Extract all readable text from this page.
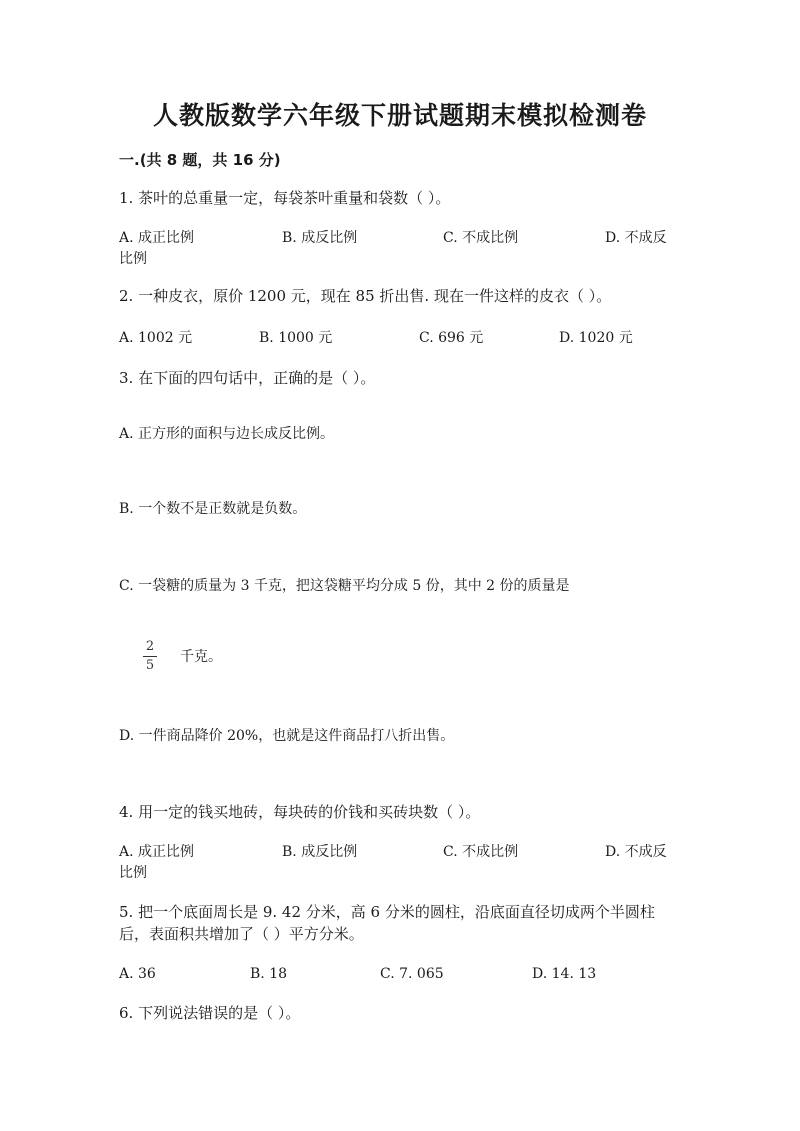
人教版数学六年级下册试题期末模拟检测卷
一.(共 8 题，共 16 分)
1. 茶叶的总重量一定，每袋茶叶重量和袋数（ ）。
A. 成正比例	B. 成反比例	C. 不成比例	D. 不成反
比例
2. 一种皮衣，原价 1200 元，现在 85 折出售. 现在一件这样的皮衣（ ）。
A. 1002 元	B. 1000 元	C. 696 元	D. 1020 元
3. 在下面的四句话中，正确的是（ ）。
A. 正方形的面积与边长成反比例。
B. 一个数不是正数就是负数。
C. 一袋糖的质量为 3 千克，把这袋糖平均分成 5 份，其中 2 份的质量是
2
5
千克。
D. 一件商品降价 20%，也就是这件商品打八折出售。
4. 用一定的钱买地砖，每块砖的价钱和买砖块数（ ）。
A. 成正比例	B. 成反比例	C. 不成比例	D. 不成反
比例
5. 把一个底面周长是 9. 42 分米，高 6 分米的圆柱，沿底面直径切成两个半圆柱
后，表面积共增加了（ ）平方分米。
A. 36	B. 18	C. 7. 065	D. 14. 13
6. 下列说法错误的是（ ）。
